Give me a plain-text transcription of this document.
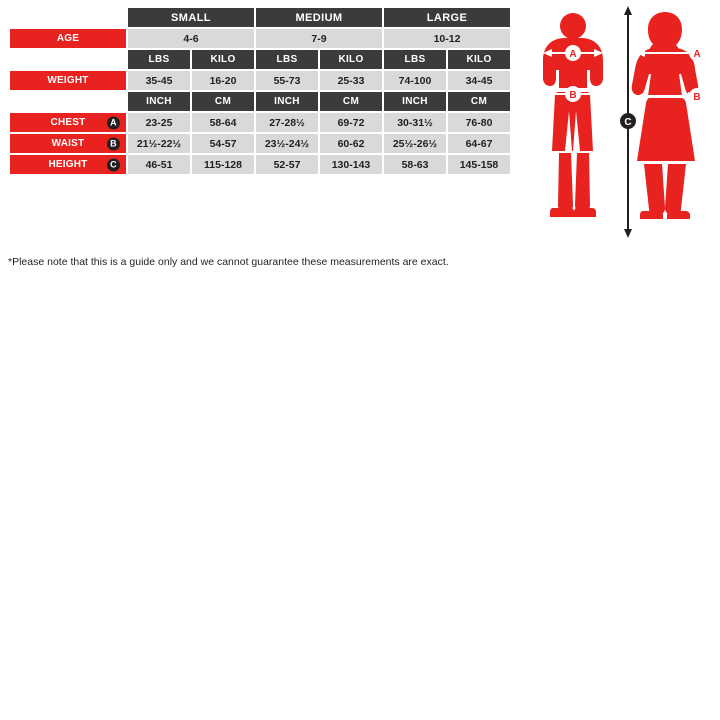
	SMALL		MEDIUM		LARGE	
AGE	4-6		7-9		10-12	
	LBS	KILO	LBS	KILO	LBS	KILO
WEIGHT	35-45	16-20	55-73	25-33	74-100	34-45
	INCH	CM	INCH	CM	INCH	CM
CHEST A	23-25	58-64	27-28½	69-72	30-31½	76-80
WAIST B	21½-22½	54-57	23½-24½	60-62	25½-26½	64-67
HEIGHT C	46-51	115-128	52-57	130-143	58-63	145-158
*Please note that this is a guide only and we cannot guarantee these measurements are exact.
C
A
B
A
B
